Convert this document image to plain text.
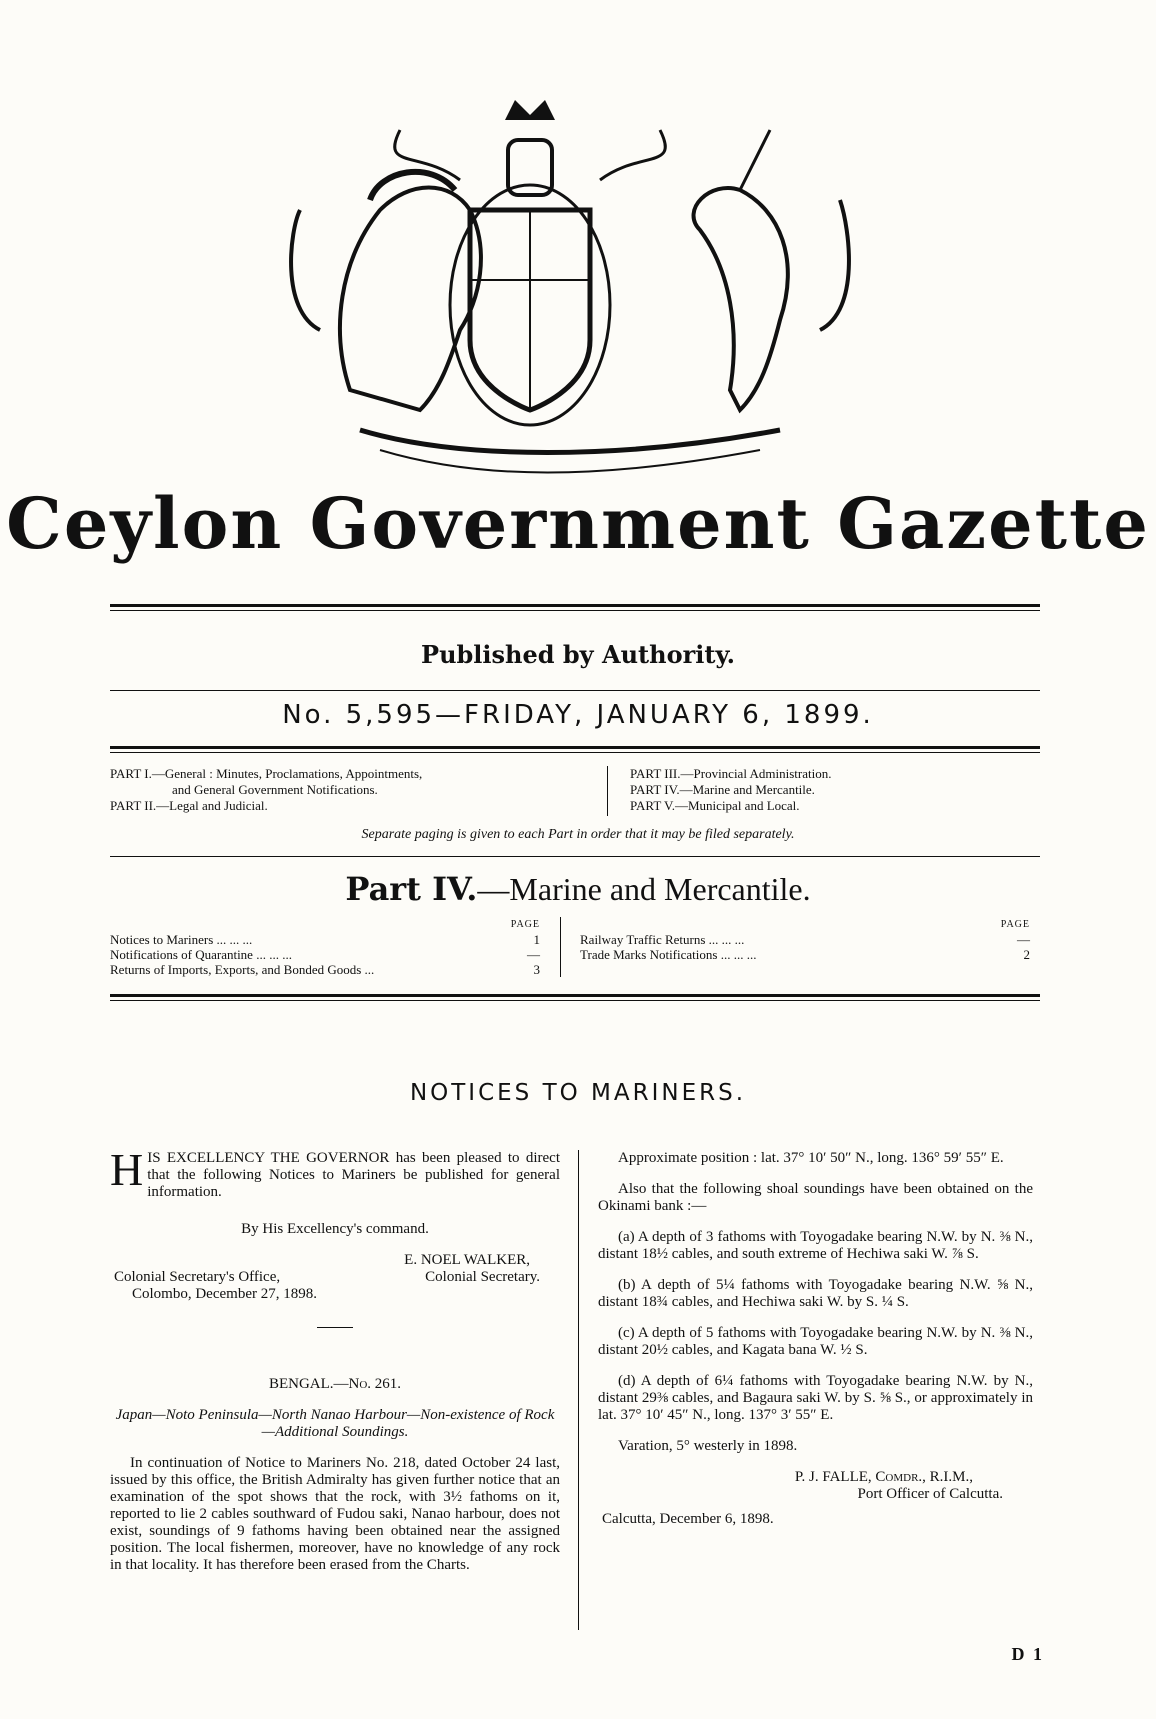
Ceylon Government Gazette
Published by Authority.
No. 5,595—FRIDAY, JANUARY 6, 1899.
PART I.—General : Minutes, Proclamations, Appointments,
and General Government Notifications.
PART II.—Legal and Judicial.
PART III.—Provincial Administration.
PART IV.—Marine and Mercantile.
PART V.—Municipal and Local.
Separate paging is given to each Part in order that it may be filed separately.
Part IV.—Marine and Mercantile.
PAGE
Notices to Mariners ... ... ...	1
Notifications of Quarantine ... ... ...	—
Returns of Imports, Exports, and Bonded Goods ...	3
PAGE
Railway Traffic Returns ... ... ...	—
Trade Marks Notifications ... ... ...	2
NOTICES TO MARINERS.
HIS EXCELLENCY THE GOVERNOR has been pleased to direct that the following Notices to Mariners be published for general information.
By His Excellency's command.
E. NOEL WALKER,
Colonial Secretary's Office,	Colonial Secretary.
Colombo, December 27, 1898.
BENGAL.—No. 261.
Japan—Noto Peninsula—North Nanao Harbour—Non-existence of Rock—Additional Soundings.
In continuation of Notice to Mariners No. 218, dated October 24 last, issued by this office, the British Admiralty has given further notice that an examination of the spot shows that the rock, with 3½ fathoms on it, reported to lie 2 cables southward of Fudou saki, Nanao harbour, does not exist, soundings of 9 fathoms having been obtained near the assigned position. The local fishermen, moreover, have no knowledge of any rock in that locality. It has therefore been erased from the Charts.
Approximate position : lat. 37° 10′ 50″ N., long. 136° 59′ 55″ E.
Also that the following shoal soundings have been obtained on the Okinami bank :—
(a) A depth of 3 fathoms with Toyogadake bearing N.W. by N. ⅜ N., distant 18½ cables, and south extreme of Hechiwa saki W. ⅞ S.
(b) A depth of 5¼ fathoms with Toyogadake bearing N.W. ⅝ N., distant 18¾ cables, and Hechiwa saki W. by S. ¼ S.
(c) A depth of 5 fathoms with Toyogadake bearing N.W. by N. ⅜ N., distant 20½ cables, and Kagata bana W. ½ S.
(d) A depth of 6¼ fathoms with Toyogadake bearing N.W. by N., distant 29⅜ cables, and Bagaura saki W. by S. ⅝ S., or approximately in lat. 37° 10′ 45″ N., long. 137° 3′ 55″ E.
Varation, 5° westerly in 1898.
P. J. FALLE, Comdr., R.I.M.,
Port Officer of Calcutta.
Calcutta, December 6, 1898.
D 1
